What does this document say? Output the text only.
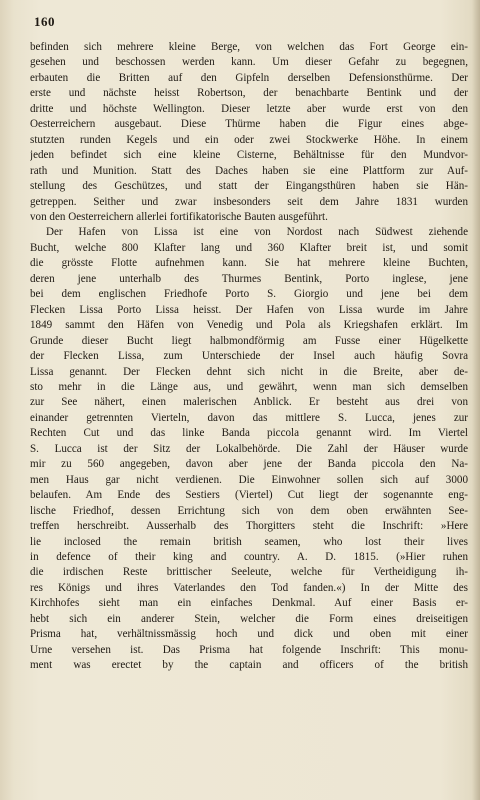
160
befinden sich mehrere kleine Berge, von welchen das Fort George ein-
gesehen und beschossen werden kann. Um dieser Gefahr zu begegnen,
erbauten die Britten auf den Gipfeln derselben Defensionsthürme. Der
erste und nächste heisst Robertson, der benachbarte Bentink und der
dritte und höchste Wellington. Dieser letzte aber wurde erst von den
Oesterreichern ausgebaut. Diese Thürme haben die Figur eines abge-
stutzten runden Kegels und ein oder zwei Stockwerke Höhe. In einem
jeden befindet sich eine kleine Cisterne, Behältnisse für den Mundvor-
rath und Munition. Statt des Daches haben sie eine Plattform zur Auf-
stellung des Geschützes, und statt der Eingangsthüren haben sie Hän-
getreppen. Seither und zwar insbesonders seit dem Jahre 1831 wurden
von den Oesterreichern allerlei fortifikatorische Bauten ausgeführt.
Der Hafen von Lissa ist eine von Nordost nach Südwest ziehende
Bucht, welche 800 Klafter lang und 360 Klafter breit ist, und somit
die grösste Flotte aufnehmen kann. Sie hat mehrere kleine Buchten,
deren jene unterhalb des Thurmes Bentink, Porto inglese, jene
bei dem englischen Friedhofe Porto S. Giorgio und jene bei dem
Flecken Lissa Porto Lissa heisst. Der Hafen von Lissa wurde im Jahre
1849 sammt den Häfen von Venedig und Pola als Kriegshafen erklärt. Im
Grunde dieser Bucht liegt halbmondförmig am Fusse einer Hügelkette
der Flecken Lissa, zum Unterschiede der Insel auch häufig Sovra
Lissa genannt. Der Flecken dehnt sich nicht in die Breite, aber de-
sto mehr in die Länge aus, und gewährt, wenn man sich demselben
zur See nähert, einen malerischen Anblick. Er besteht aus drei von
einander getrennten Vierteln, davon das mittlere S. Lucca, jenes zur
Rechten Cut und das linke Banda piccola genannt wird. Im Viertel
S. Lucca ist der Sitz der Lokalbehörde. Die Zahl der Häuser wurde
mir zu 560 angegeben, davon aber jene der Banda piccola den Na-
men Haus gar nicht verdienen. Die Einwohner sollen sich auf 3000
belaufen. Am Ende des Sestiers (Viertel) Cut liegt der sogenannte eng-
lische Friedhof, dessen Errichtung sich von dem oben erwähnten See-
treffen herschreibt. Ausserhalb des Thorgitters steht die Inschrift: »Here
lie inclosed the remain british seamen, who lost their lives
in defence of their king and country. A. D. 1815. (»Hier ruhen
die irdischen Reste brittischer Seeleute, welche für Vertheidigung ih-
res Königs und ihres Vaterlandes den Tod fanden.«) In der Mitte des
Kirchhofes sieht man ein einfaches Denkmal. Auf einer Basis er-
hebt sich ein anderer Stein, welcher die Form eines dreiseitigen
Prisma hat, verhältnissmässig hoch und dick und oben mit einer
Urne versehen ist. Das Prisma hat folgende Inschrift: This monu-
ment was erectet by the captain and officers of the british
